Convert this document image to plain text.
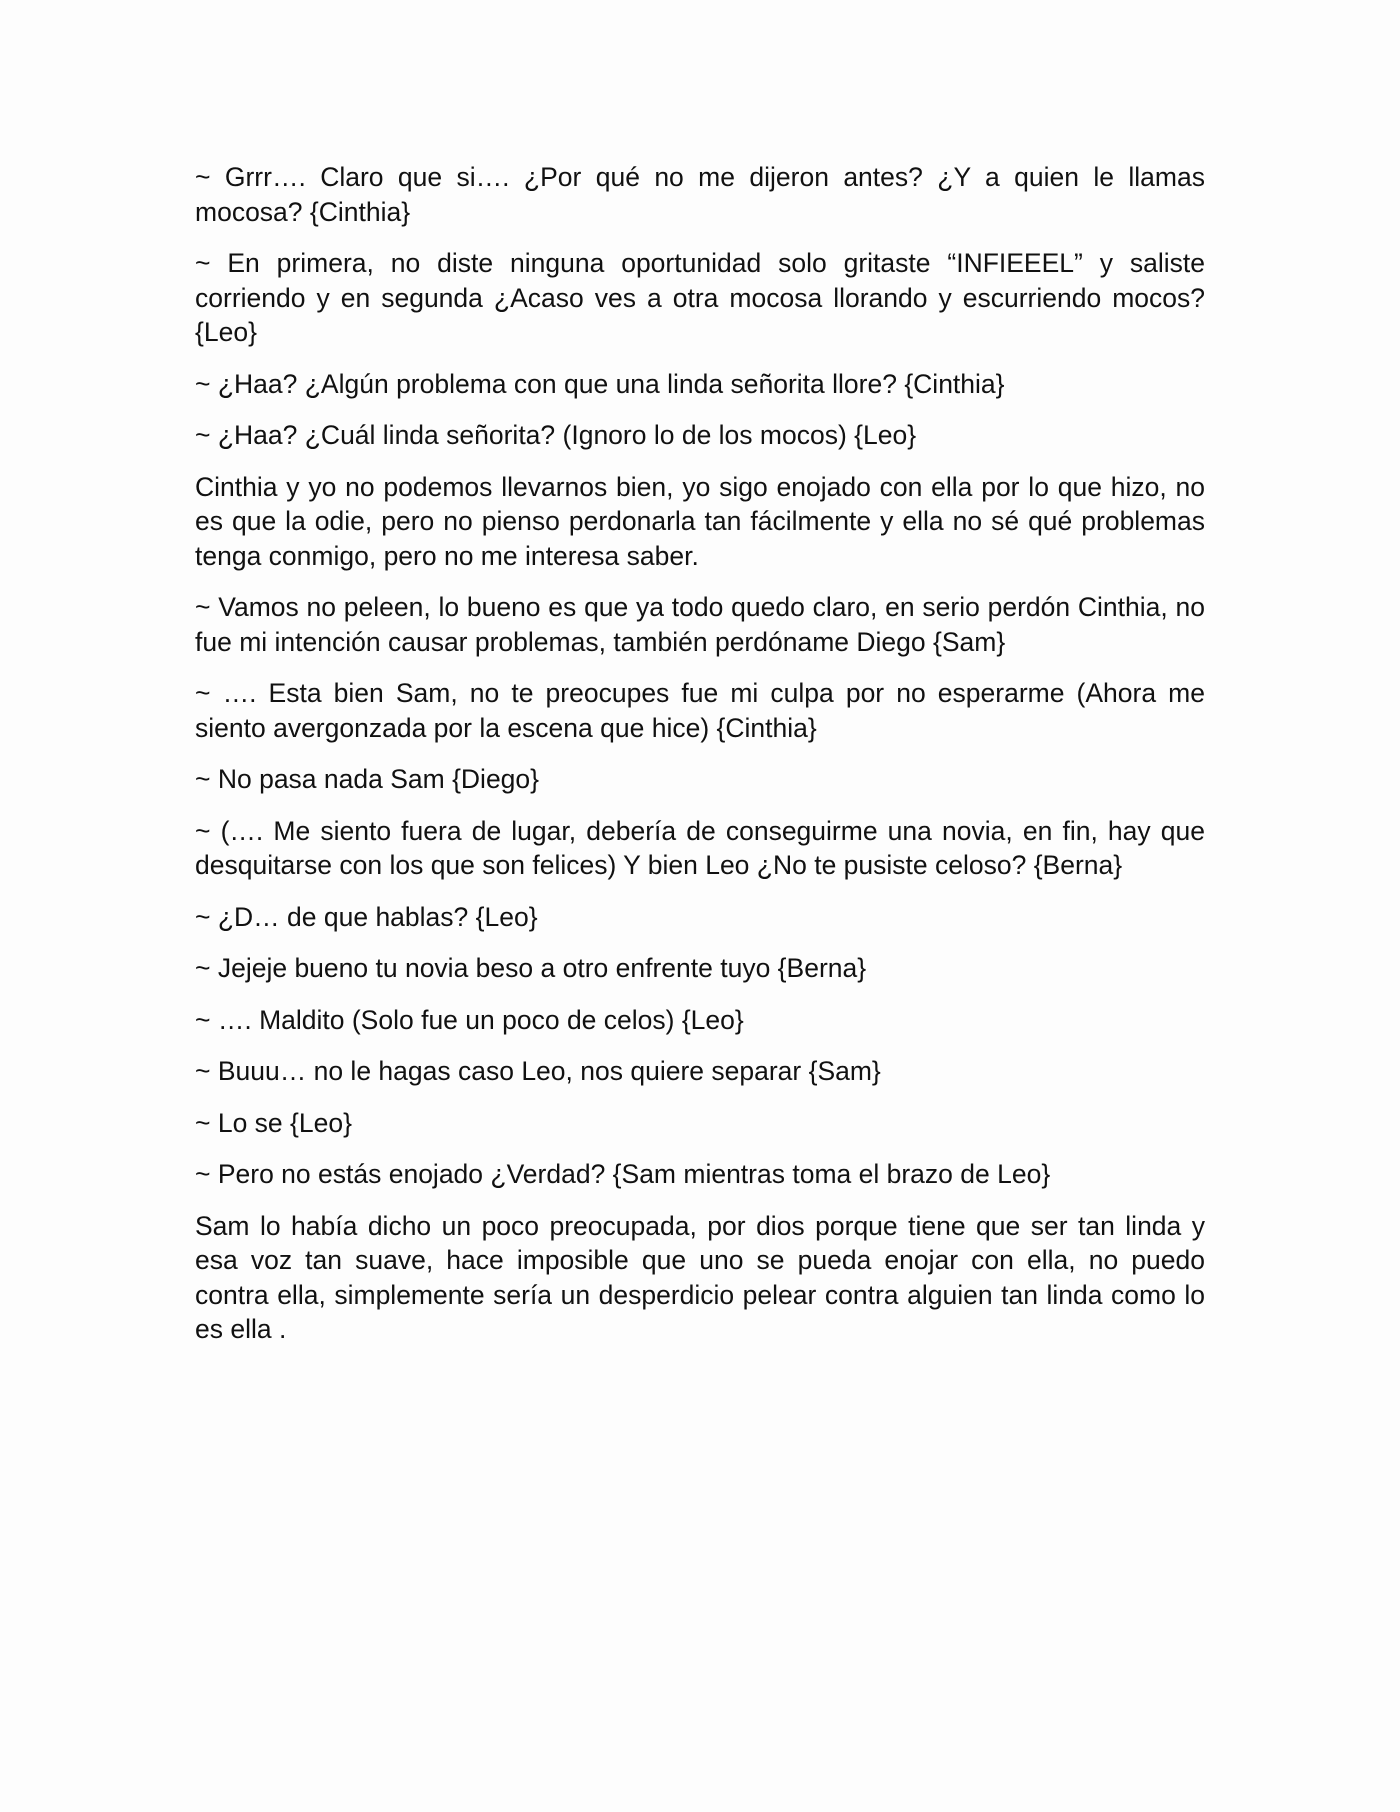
~ Grrr…. Claro que si…. ¿Por qué no me dijeron antes? ¿Y a quien le llamas mocosa? {Cinthia}

~ En primera, no diste ninguna oportunidad solo gritaste “INFIEEEL” y saliste corriendo y en segunda ¿Acaso ves a otra mocosa llorando y escurriendo mocos? {Leo}

~ ¿Haa? ¿Algún problema con que una linda señorita llore? {Cinthia}

~ ¿Haa? ¿Cuál linda señorita? (Ignoro lo de los mocos) {Leo}

Cinthia y yo no podemos llevarnos bien, yo sigo enojado con ella por lo que hizo, no es que la odie, pero no pienso perdonarla tan fácilmente y ella no sé qué problemas tenga conmigo, pero no me interesa saber.

~ Vamos no peleen, lo bueno es que ya todo quedo claro, en serio perdón Cinthia, no fue mi intención causar problemas, también perdóname Diego {Sam}

~ …. Esta bien Sam, no te preocupes fue mi culpa por no esperarme (Ahora me siento avergonzada por la escena que hice) {Cinthia}

~ No pasa nada Sam {Diego}

~ (…. Me siento fuera de lugar, debería de conseguirme una novia, en fin, hay que desquitarse con los que son felices) Y bien Leo ¿No te pusiste celoso? {Berna}

~ ¿D… de que hablas? {Leo}

~ Jejeje bueno tu novia beso a otro enfrente tuyo {Berna}

~ …. Maldito (Solo fue un poco de celos) {Leo}

~ Buuu… no le hagas caso Leo, nos quiere separar {Sam}

~ Lo se {Leo}

~ Pero no estás enojado ¿Verdad? {Sam mientras toma el brazo de Leo}

Sam lo había dicho un poco preocupada, por dios porque tiene que ser tan linda y esa voz tan suave, hace imposible que uno se pueda enojar con ella, no puedo contra ella, simplemente sería un desperdicio pelear contra alguien tan linda como lo es ella .
